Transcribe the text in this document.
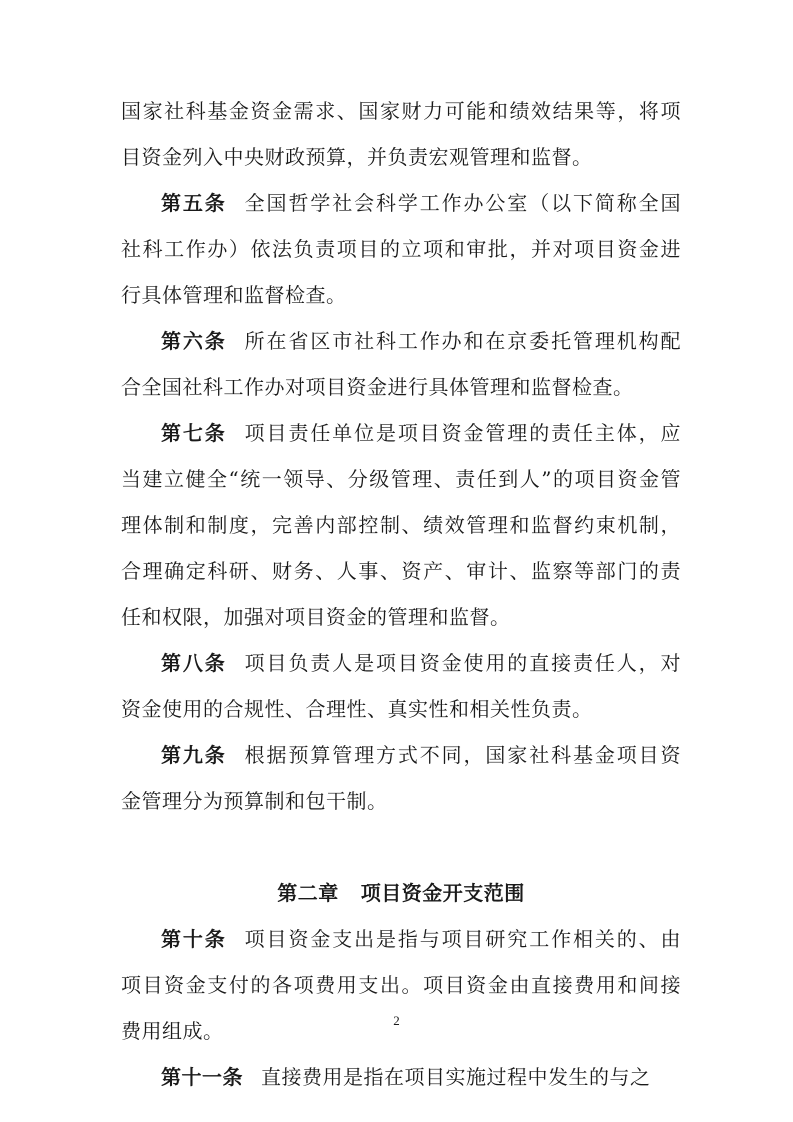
国家社科基金资金需求、国家财力可能和绩效结果等，将项
目资金列入中央财政预算，并负责宏观管理和监督。
第五条 全国哲学社会科学工作办公室（以下简称全国
社科工作办）依法负责项目的立项和审批，并对项目资金进
行具体管理和监督检查。
第六条 所在省区市社科工作办和在京委托管理机构配
合全国社科工作办对项目资金进行具体管理和监督检查。
第七条 项目责任单位是项目资金管理的责任主体，应
当建立健全“统一领导、分级管理、责任到人”的项目资金管
理体制和制度，完善内部控制、绩效管理和监督约束机制，
合理确定科研、财务、人事、资产、审计、监察等部门的责
任和权限，加强对项目资金的管理和监督。
第八条 项目负责人是项目资金使用的直接责任人，对
资金使用的合规性、合理性、真实性和相关性负责。
第九条 根据预算管理方式不同，国家社科基金项目资
金管理分为预算制和包干制。
第二章 项目资金开支范围
第十条 项目资金支出是指与项目研究工作相关的、由
项目资金支付的各项费用支出。项目资金由直接费用和间接
费用组成。
第十一条 直接费用是指在项目实施过程中发生的与之
2
